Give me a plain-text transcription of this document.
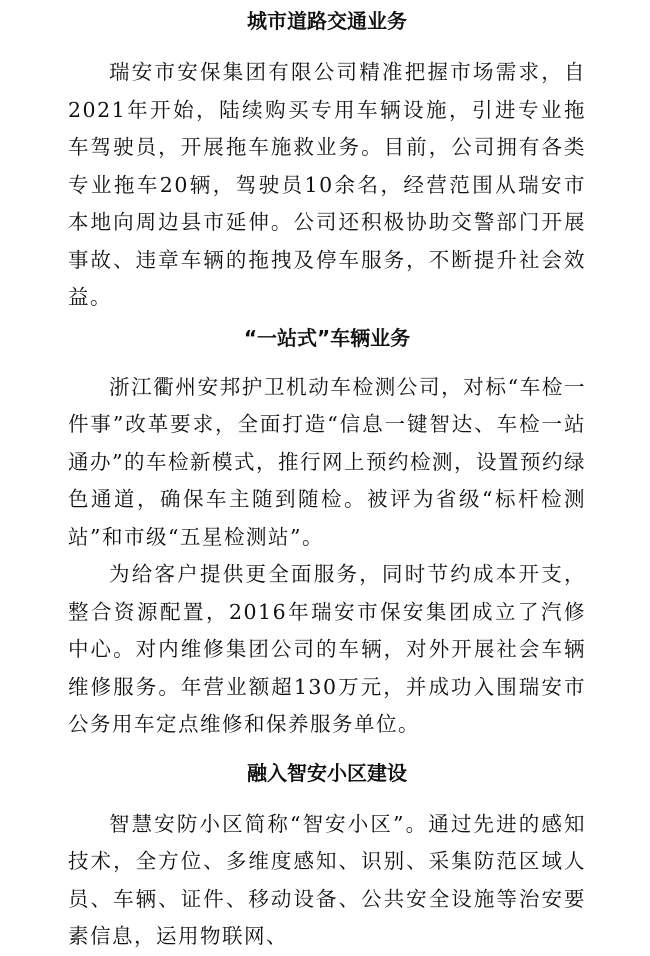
城市道路交通业务

瑞安市安保集团有限公司精准把握市场需求，自2021年开始，陆续购买专用车辆设施，引进专业拖车驾驶员，开展拖车施救业务。目前，公司拥有各类专业拖车20辆，驾驶员10余名，经营范围从瑞安市本地向周边县市延伸。公司还积极协助交警部门开展事故、违章车辆的拖拽及停车服务，不断提升社会效益。

“一站式”车辆业务

浙江衢州安邦护卫机动车检测公司，对标“车检一件事”改革要求，全面打造“信息一键智达、车检一站通办”的车检新模式，推行网上预约检测，设置预约绿色通道，确保车主随到随检。被评为省级“标杆检测站”和市级“五星检测站”。

为给客户提供更全面服务，同时节约成本开支，整合资源配置，2016年瑞安市保安集团成立了汽修中心。对内维修集团公司的车辆，对外开展社会车辆维修服务。年营业额超130万元，并成功入围瑞安市公务用车定点维修和保养服务单位。

融入智安小区建设

智慧安防小区简称“智安小区”。通过先进的感知技术，全方位、多维度感知、识别、采集防范区域人员、车辆、证件、移动设备、公共安全设施等治安要素信息，运用物联网、
